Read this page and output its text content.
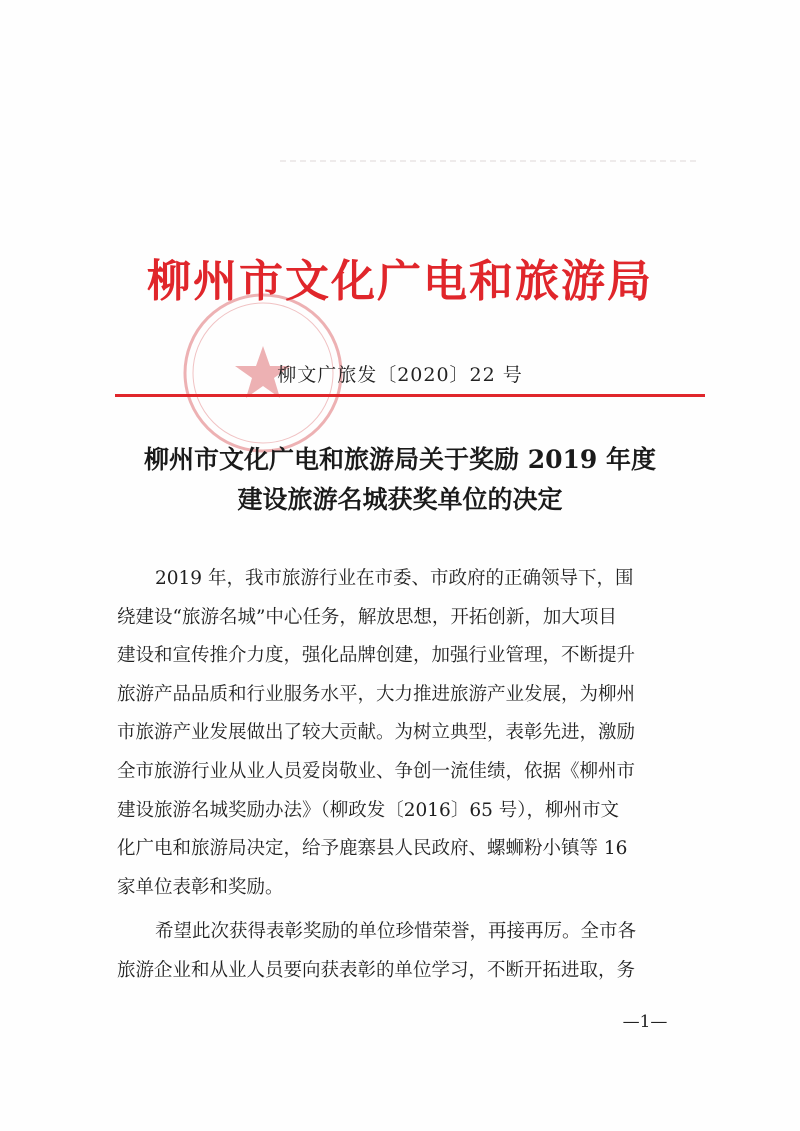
柳州市文化广电和旅游局
柳文广旅发〔2020〕22 号
柳州市文化广电和旅游局关于奖励 2019 年度
建设旅游名城获奖单位的决定
2019 年，我市旅游行业在市委、市政府的正确领导下，围
绕建设“旅游名城”中心任务，解放思想，开拓创新，加大项目
建设和宣传推介力度，强化品牌创建，加强行业管理，不断提升
旅游产品品质和行业服务水平，大力推进旅游产业发展，为柳州
市旅游产业发展做出了较大贡献。为树立典型，表彰先进，激励
全市旅游行业从业人员爱岗敬业、争创一流佳绩，依据《柳州市
建设旅游名城奖励办法》（柳政发〔2016〕65 号），柳州市文
化广电和旅游局决定，给予鹿寨县人民政府、螺蛳粉小镇等 16
家单位表彰和奖励。
希望此次获得表彰奖励的单位珍惜荣誉，再接再厉。全市各
旅游企业和从业人员要向获表彰的单位学习，不断开拓进取，务
—1—
